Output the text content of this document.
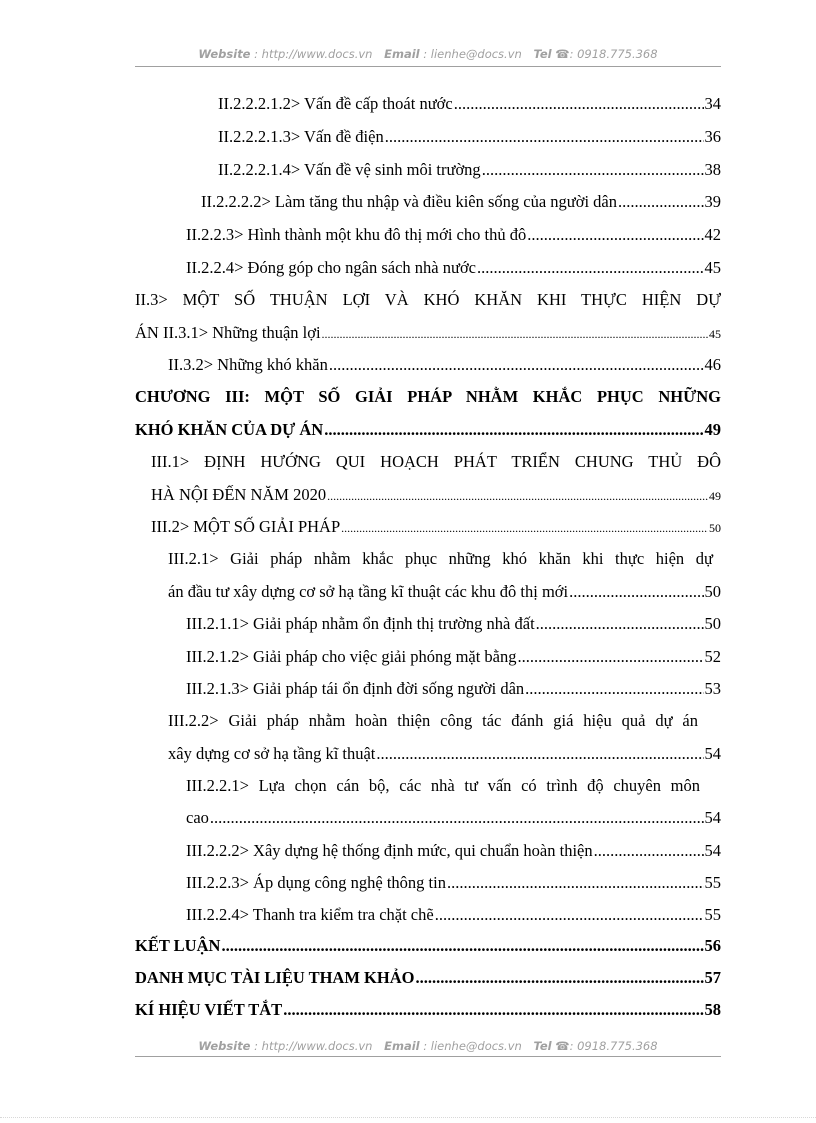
Website : http://www.docs.vn Email : lienhe@docs.vn Tel ☎: 0918.775.368
II.2.2.2.1.2> Vấn đề cấp thoát nước .....	34
II.2.2.2.1.3> Vấn đề điện .....	36
II.2.2.2.1.4> Vấn đề vệ sinh môi trường .....	38
II.2.2.2.2> Làm tăng thu nhập và điều kiên sống của người dân .....	39
II.2.2.3> Hình thành một khu đô thị mới cho thủ đô .....	42
II.2.2.4> Đóng góp cho ngân sách nhà nước .....	45
II.3> MỘT SỐ THUẬN LỢI VÀ KHÓ KHĂN KHI THỰC HIỆN DỰ
ÁN II.3.1> Những thuận lợi .....	45
II.3.2> Những khó khăn .....	46
CHƯƠNG III: MỘT SỐ GIẢI PHÁP NHẰM KHẮC PHỤC NHỮNG
KHÓ KHĂN CỦA DỰ ÁN .....	49
III.1> ĐỊNH HƯỚNG QUI HOẠCH PHÁT TRIỂN CHUNG THỦ ĐÔ
HÀ NỘI ĐẾN NĂM 2020 .....	49
III.2> MỘT SỐ GIẢI PHÁP .....	50
III.2.1> Giải pháp nhằm khắc phục những khó khăn khi thực hiện dự
án đầu tư xây dựng cơ sở hạ tầng kĩ thuật các khu đô thị mới .....	50
III.2.1.1> Giải pháp nhằm ổn định thị trường nhà đất .....	50
III.2.1.2> Giải pháp cho việc giải phóng mặt bằng .....	52
III.2.1.3> Giải pháp tái ổn định đời sống người dân .....	53
III.2.2> Giải pháp nhằm hoàn thiện công tác đánh giá hiệu quả dự án
xây dựng cơ sở hạ tầng kĩ thuật .....	54
III.2.2.1> Lựa chọn cán bộ, các nhà tư vấn có trình độ chuyên môn
cao .....	54
III.2.2.2> Xây dựng hệ thống định mức, qui chuẩn hoàn thiện .....	54
III.2.2.3> Áp dụng công nghệ thông tin .....	55
III.2.2.4> Thanh tra kiểm tra chặt chẽ .....	55
KẾT LUẬN .....	56
DANH MỤC TÀI LIỆU THAM KHẢO .....	57
KÍ HIỆU VIẾT TẮT .....	58
Website : http://www.docs.vn Email : lienhe@docs.vn Tel ☎: 0918.775.368
